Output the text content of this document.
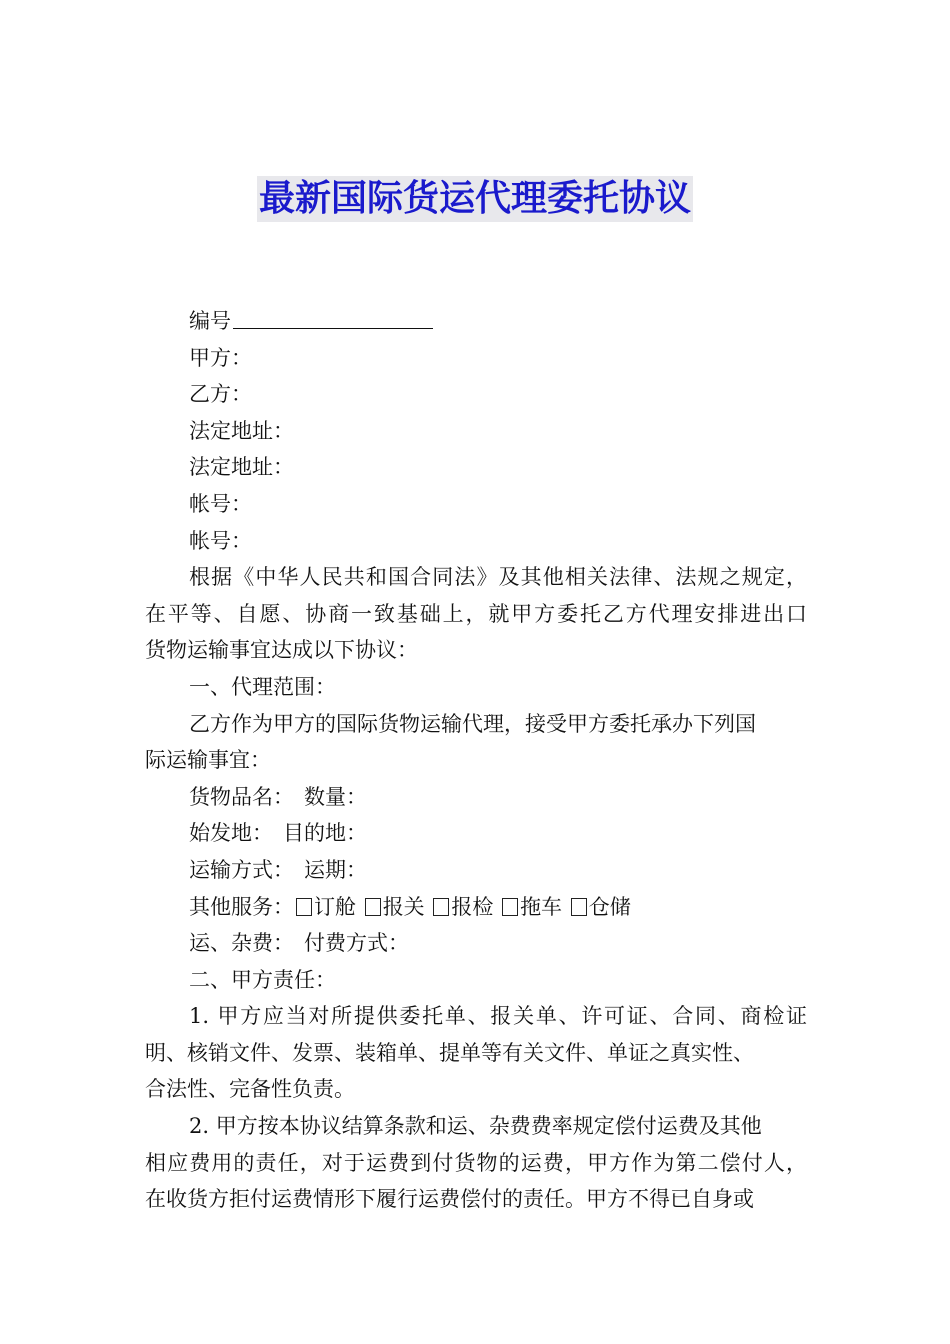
最新国际货运代理委托协议
编号
甲方：
乙方：
法定地址：
法定地址：
帐号：
帐号：
根据《中华人民共和国合同法》及其他相关法律、法规之规定，
在平等、自愿、协商一致基础上，就甲方委托乙方代理安排进出口
货物运输事宜达成以下协议：
一、代理范围：
乙方作为甲方的国际货物运输代理，接受甲方委托承办下列国
际运输事宜：
货物品名： 数量：
始发地： 目的地：
运输方式： 运期：
其他服务： 订舱 报关 报检 拖车 仓储
运、杂费： 付费方式：
二、甲方责任：
1. 甲方应当对所提供委托单、报关单、许可证、合同、商检证
明、核销文件、发票、装箱单、提单等有关文件、单证之真实性、
合法性、完备性负责。
2. 甲方按本协议结算条款和运、杂费费率规定偿付运费及其他
相应费用的责任，对于运费到付货物的运费，甲方作为第二偿付人，
在收货方拒付运费情形下履行运费偿付的责任。甲方不得已自身或
